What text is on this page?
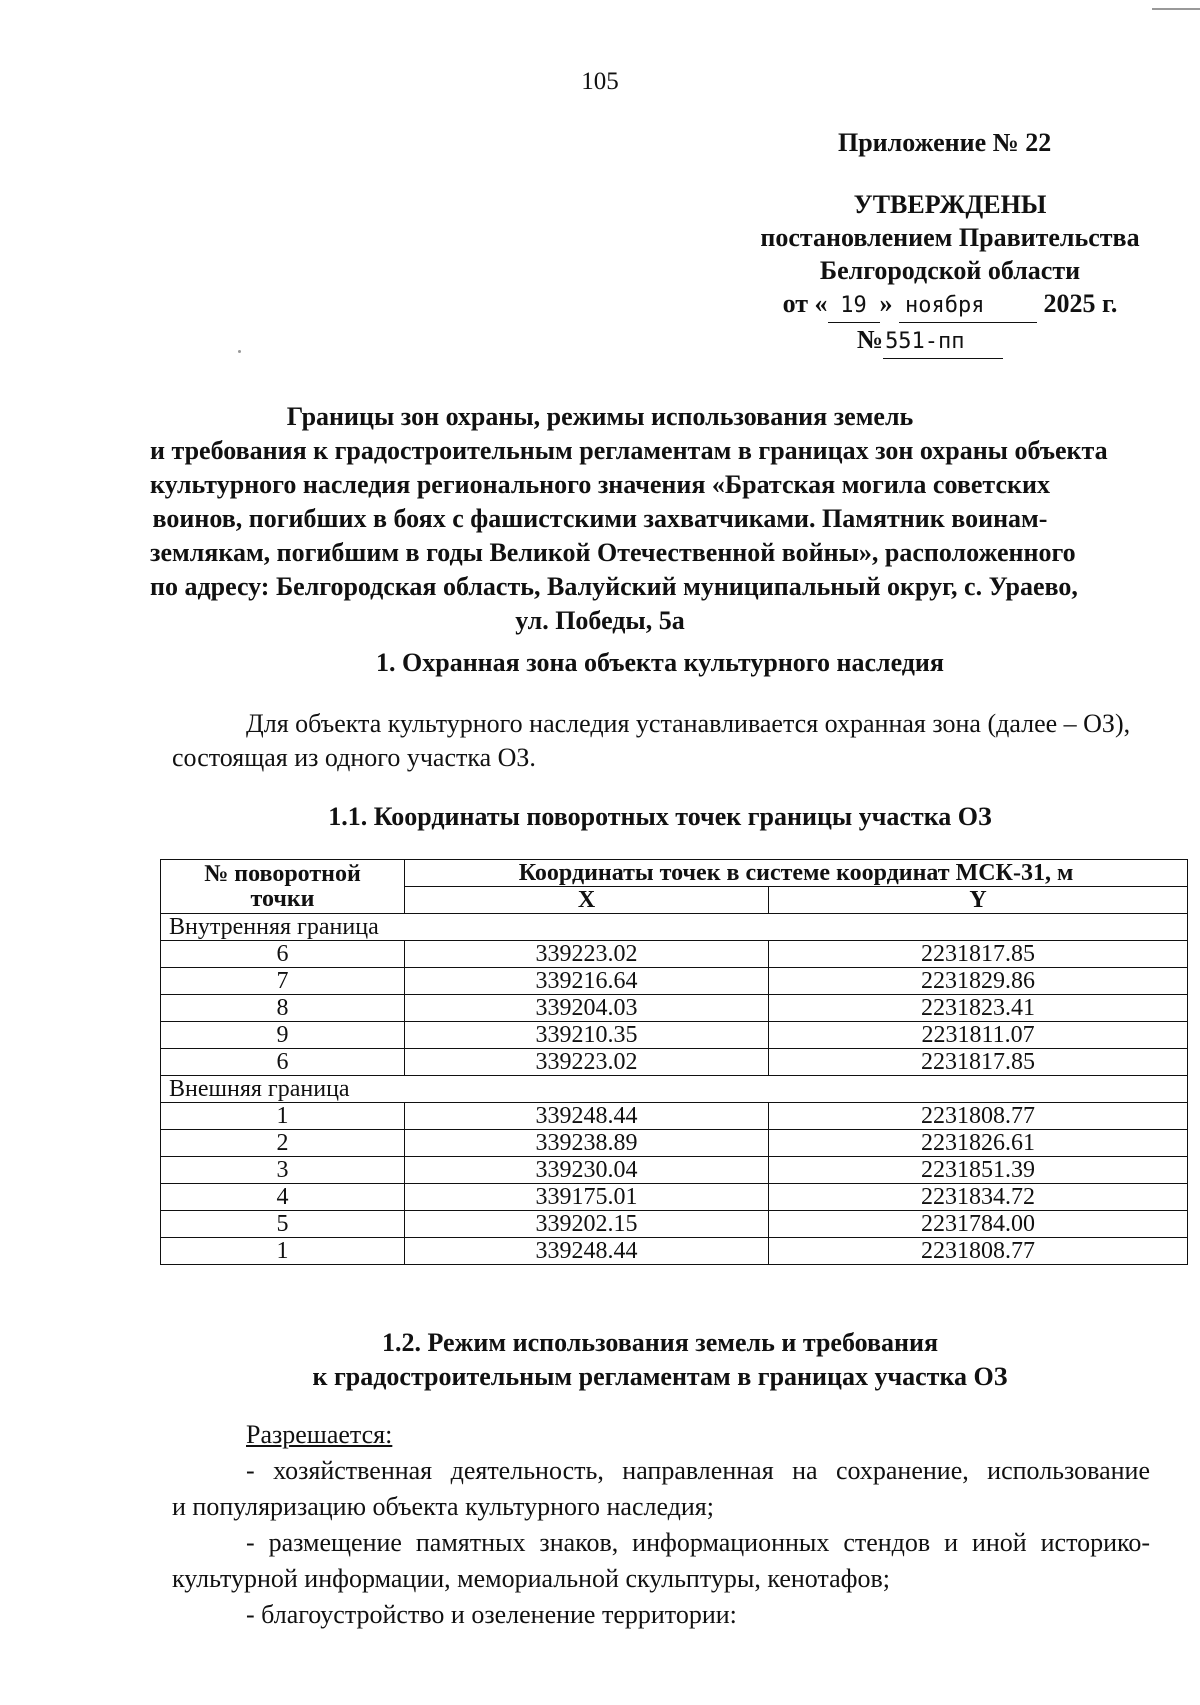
105
Приложение № 22
УТВЕРЖДЕНЫ
постановлением Правительства
Белгородской области
от « 19 » ноября 2025 г.
№551-пп
Границы зон охраны, режимы использования земель
и требования к градостроительным регламентам в границах зон охраны объекта
культурного наследия регионального значения «Братская могила советских
воинов, погибших в боях с фашистскими захватчиками. Памятник воинам-
землякам, погибшим в годы Великой Отечественной войны», расположенного
по адресу: Белгородская область, Валуйский муниципальный округ, с. Ураево,
ул. Победы, 5а
1. Охранная зона объекта культурного наследия
Для объекта культурного наследия устанавливается охранная зона (далее – ОЗ),
состоящая из одного участка ОЗ.
1.1. Координаты поворотных точек границы участка ОЗ
№ поворотной
точки	Координаты точек в системе координат МСК-31, м	
	X	Y
Внутренняя граница		
6	339223.02	2231817.85
7	339216.64	2231829.86
8	339204.03	2231823.41
9	339210.35	2231811.07
6	339223.02	2231817.85
Внешняя граница		
1	339248.44	2231808.77
2	339238.89	2231826.61
3	339230.04	2231851.39
4	339175.01	2231834.72
5	339202.15	2231784.00
1	339248.44	2231808.77
1.2. Режим использования земель и требования
к градостроительным регламентам в границах участка ОЗ
Разрешается:
- хозяйственная деятельность, направленная на сохранение, использование
и популяризацию объекта культурного наследия;
- размещение памятных знаков, информационных стендов и иной историко-
культурной информации, мемориальной скульптуры, кенотафов;
- благоустройство и озеленение территории:
